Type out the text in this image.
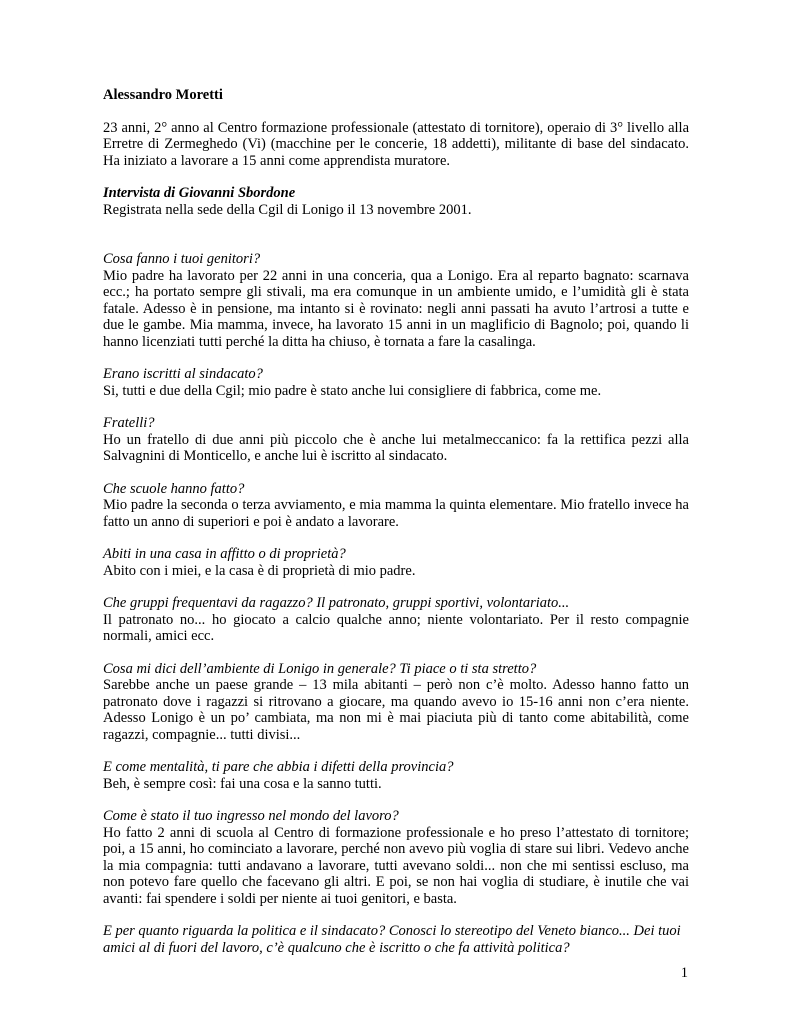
Alessandro Moretti

23 anni, 2° anno al Centro formazione professionale (attestato di tornitore), operaio di 3° livello alla Erretre di Zermeghedo (Vi) (macchine per le concerie, 18 addetti), militante di base del sindacato. Ha iniziato a lavorare a 15 anni come apprendista muratore.

Intervista di Giovanni Sbordone

Registrata nella sede della Cgil di Lonigo il 13 novembre 2001.

Cosa fanno i tuoi genitori?

Mio padre ha lavorato per 22 anni in una conceria, qua a Lonigo. Era al reparto bagnato: scarnava ecc.; ha portato sempre gli stivali, ma era comunque in un ambiente umido, e l’umidità gli è stata fatale. Adesso è in pensione, ma intanto si è rovinato: negli anni passati ha avuto l’artrosi a tutte e due le gambe. Mia mamma, invece, ha lavorato 15 anni in un maglificio di Bagnolo; poi, quando li hanno licenziati tutti perché la ditta ha chiuso, è tornata a fare la casalinga.

Erano iscritti al sindacato?

Si, tutti e due della Cgil; mio padre è stato anche lui consigliere di fabbrica, come me.

Fratelli?

Ho un fratello di due anni più piccolo che è anche lui metalmeccanico: fa la rettifica pezzi alla Salvagnini di Monticello, e anche lui è iscritto al sindacato.

Che scuole hanno fatto?

Mio padre la seconda o terza avviamento, e mia mamma la quinta elementare. Mio fratello invece ha fatto un anno di superiori e poi è andato a lavorare.

Abiti in una casa in affitto o di proprietà?

Abito con i miei, e la casa è di proprietà di mio padre.

Che gruppi frequentavi da ragazzo? Il patronato, gruppi sportivi, volontariato...

Il patronato no... ho giocato a calcio qualche anno; niente volontariato. Per il resto compagnie normali, amici ecc.

Cosa mi dici dell’ambiente di Lonigo in generale? Ti piace o ti sta stretto?

Sarebbe anche un paese grande – 13 mila abitanti – però non c’è molto. Adesso hanno fatto un patronato dove i ragazzi si ritrovano a giocare, ma quando avevo io 15-16 anni non c’era niente. Adesso Lonigo è un po’ cambiata, ma non mi è mai piaciuta più di tanto come abitabilità, come ragazzi, compagnie... tutti divisi...

E come mentalità, ti pare che abbia i difetti della provincia?

Beh, è sempre così: fai una cosa e la sanno tutti.

Come è stato il tuo ingresso nel mondo del lavoro?

Ho fatto 2 anni di scuola al Centro di formazione professionale e ho preso l’attestato di tornitore; poi, a 15 anni, ho cominciato a lavorare, perché non avevo più voglia di stare sui libri. Vedevo anche la mia compagnia: tutti andavano a lavorare, tutti avevano soldi... non che mi sentissi escluso, ma non potevo fare quello che facevano gli altri. E poi, se non hai voglia di studiare, è inutile che vai avanti: fai spendere i soldi per niente ai tuoi genitori, e basta.

E per quanto riguarda la politica e il sindacato? Conosci lo stereotipo del Veneto bianco... Dei tuoi amici al di fuori del lavoro, c’è qualcuno che è iscritto o che fa attività politica?

1
